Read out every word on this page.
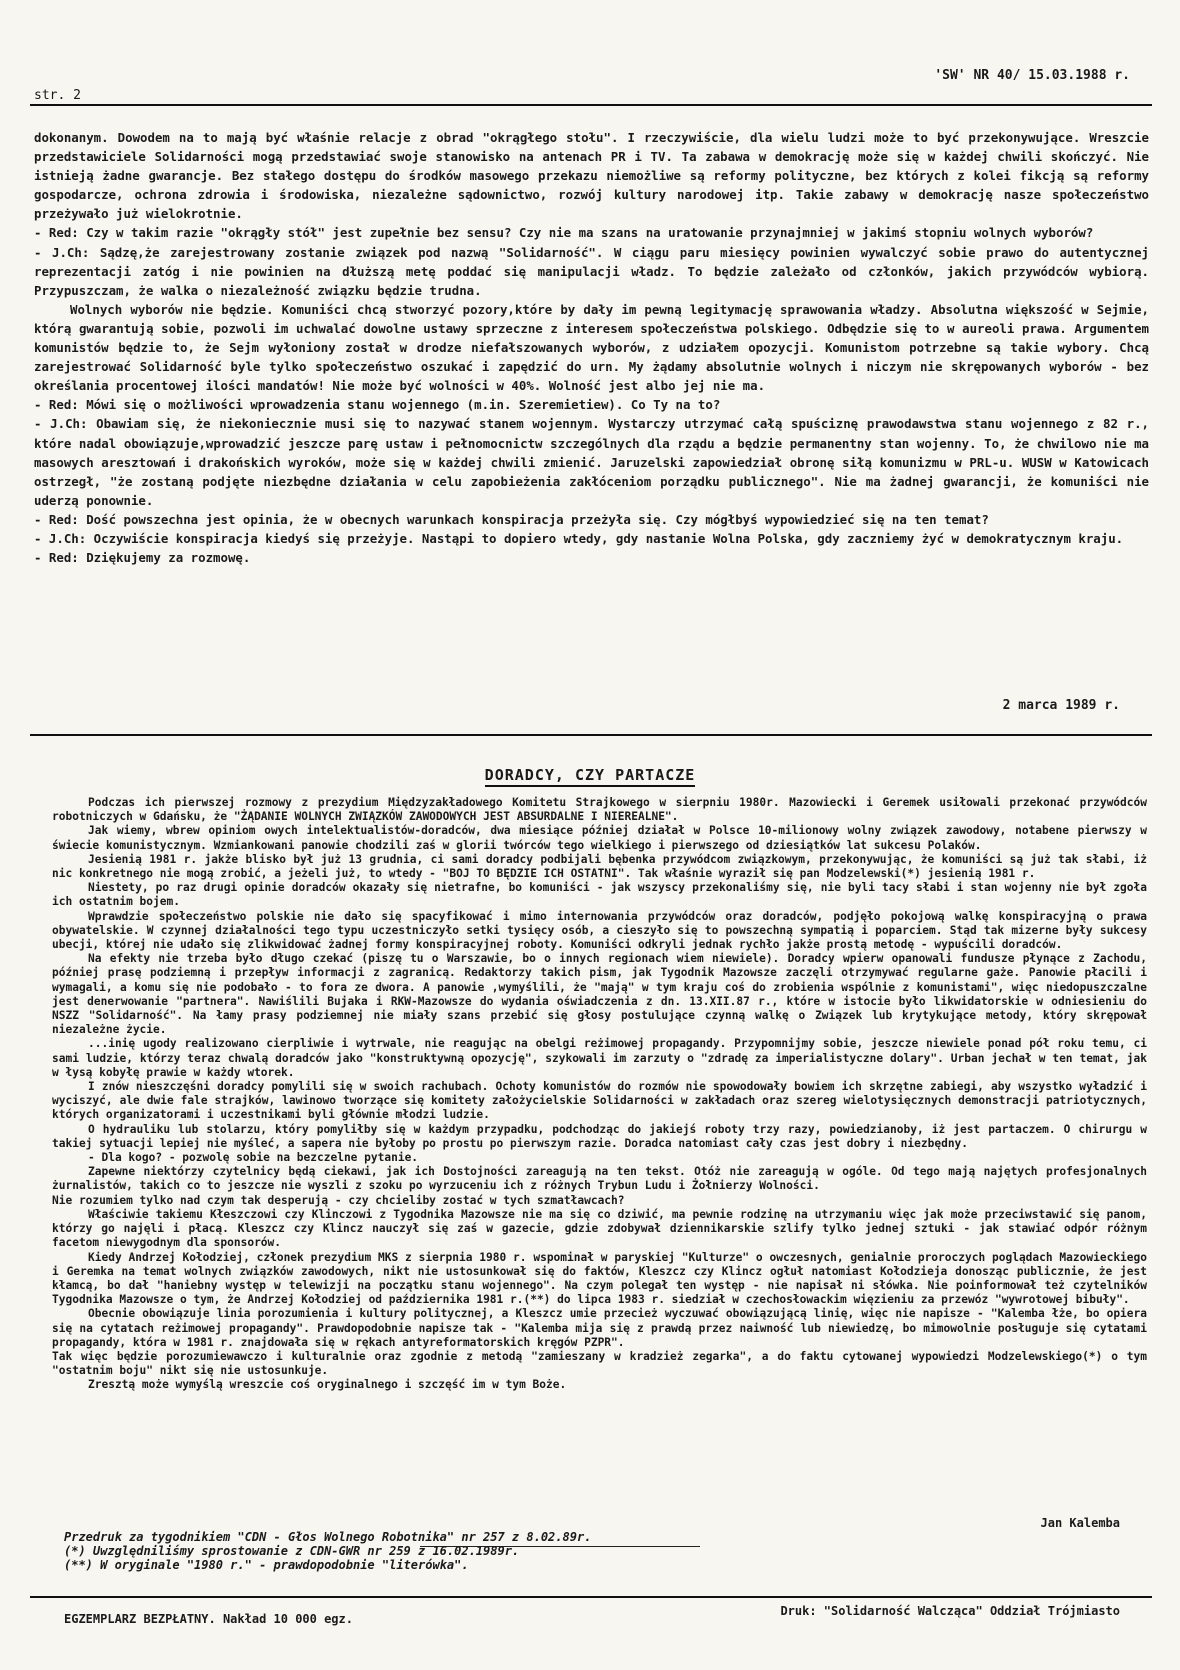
str. 2
'SW' NR 40/ 15.03.1988 r.

dokonanym. Dowodem na to mają być właśnie relacje z obrad "okrągłego stołu". I rzeczywiście, dla wielu ludzi może to być przekonywujące. Wreszcie przedstawiciele Solidarności mogą przedstawiać swoje stanowisko na antenach PR i TV. Ta zabawa w demokrację może się w każdej chwili skończyć. Nie istnieją żadne gwarancje. Bez stałego dostępu do środków masowego przekazu niemożliwe są reformy polityczne, bez których z kolei fikcją są reformy gospodarcze, ochrona zdrowia i środowiska, niezależne sądownictwo, rozwój kultury narodowej itp. Takie zabawy w demokrację nasze społeczeństwo przeżywało już wielokrotnie.

- Red: Czy w takim razie "okrągły stół" jest zupełnie bez sensu? Czy nie ma szans na uratowanie przynajmniej w jakimś stopniu wolnych wyborów?

- J.Ch: Sądzę,że zarejestrowany zostanie związek pod nazwą "Solidarność". W ciągu paru miesięcy powinien wywalczyć sobie prawo do autentycznej reprezentacji zatóg i nie powinien na dłuższą metę poddać się manipulacji władz. To będzie zależało od członków, jakich przywódców wybiorą. Przypuszczam, że walka o niezależność związku będzie trudna.

Wolnych wyborów nie będzie. Komuniści chcą stworzyć pozory,które by dały im pewną legitymację sprawowania władzy. Absolutna większość w Sejmie, którą gwarantują sobie, pozwoli im uchwalać dowolne ustawy sprzeczne z interesem społeczeństwa polskiego. Odbędzie się to w aureoli prawa. Argumentem komunistów będzie to, że Sejm wyłoniony został w drodze niefałszowanych wyborów, z udziałem opozycji. Komunistom potrzebne są takie wybory. Chcą zarejestrować Solidarność byle tylko społeczeństwo oszukać i zapędzić do urn. My żądamy absolutnie wolnych i niczym nie skrępowanych wyborów - bez określania procentowej ilości mandatów! Nie może być wolności w 40%. Wolność jest albo jej nie ma.

- Red: Mówi się o możliwości wprowadzenia stanu wojennego (m.in. Szeremietiew). Co Ty na to?

- J.Ch: Obawiam się, że niekoniecznie musi się to nazywać stanem wojennym. Wystarczy utrzymać całą spuściznę prawodawstwa stanu wojennego z 82 r., które nadal obowiązuje,wprowadzić jeszcze parę ustaw i pełnomocnictw szczególnych dla rządu a będzie permanentny stan wojenny. To, że chwilowo nie ma masowych aresztowań i drakońskich wyroków, może się w każdej chwili zmienić. Jaruzelski zapowiedział obronę siłą komunizmu w PRL-u. WUSW w Katowicach ostrzegł, "że zostaną podjęte niezbędne działania w celu zapobieżenia zakłóceniom porządku publicznego". Nie ma żadnej gwarancji, że komuniści nie uderzą ponownie.

- Red: Dość powszechna jest opinia, że w obecnych warunkach konspiracja przeżyła się. Czy mógłbyś wypowiedzieć się na ten temat?

- J.Ch: Oczywiście konspiracja kiedyś się przeżyje. Nastąpi to dopiero wtedy, gdy nastanie Wolna Polska, gdy zaczniemy żyć w demokratycznym kraju.

- Red: Dziękujemy za rozmowę.

2 marca 1989 r.
DORADCY, CZY PARTACZE

Podczas ich pierwszej rozmowy z prezydium Międzyzakładowego Komitetu Strajkowego w sierpniu 1980r. Mazowiecki i Geremek usiłowali przekonać przywódców robotniczych w Gdańsku, że "ŻĄDANIE WOLNYCH ZWIĄZKÓW ZAWODOWYCH JEST ABSURDALNE I NIEREALNE".

Jak wiemy, wbrew opiniom owych intelektualistów-doradców, dwa miesiące później działał w Polsce 10-milionowy wolny związek zawodowy, notabene pierwszy w świecie komunistycznym. Wzmiankowani panowie chodzili zaś w glorii twórców tego wielkiego i pierwszego od dziesiątków lat sukcesu Polaków.

Jesienią 1981 r. jakże blisko był już 13 grudnia, ci sami doradcy podbijali bębenka przywódcom związkowym, przekonywując, że komuniści są już tak słabi, iż nic konkretnego nie mogą zrobić, a jeżeli już, to wtedy - "BOJ TO BĘDZIE ICH OSTATNI". Tak właśnie wyraził się pan Modzelewski(*) jesienią 1981 r.

Niestety, po raz drugi opinie doradców okazały się nietrafne, bo komuniści - jak wszyscy przekonaliśmy się, nie byli tacy słabi i stan wojenny nie był zgoła ich ostatnim bojem.

Wprawdzie społeczeństwo polskie nie dało się spacyfikować i mimo internowania przywódców oraz doradców, podjęło pokojową walkę konspiracyjną o prawa obywatelskie. W czynnej działalności tego typu uczestniczyło setki tysięcy osób, a cieszyło się to powszechną sympatią i poparciem. Stąd tak mizerne były sukcesy ubecji, której nie udało się zlikwidować żadnej formy konspiracyjnej roboty. Komuniści odkryli jednak rychło jakże prostą metodę - wypuścili doradców.

Na efekty nie trzeba było długo czekać (piszę tu o Warszawie, bo o innych regionach wiem niewiele). Doradcy wpierw opanowali fundusze płynące z Zachodu, później prasę podziemną i przepływ informacji z zagranicą. Redaktorzy takich pism, jak Tygodnik Mazowsze zaczęli otrzymywać regularne gaże. Panowie płacili i wymagali, a komu się nie podobało - to fora ze dwora. A panowie ,wymyślili, że "mają" w tym kraju coś do zrobienia wspólnie z komunistami", więc niedopuszczalne jest denerwowanie "partnera". Nawiślili Bujaka i RKW-Mazowsze do wydania oświadczenia z dn. 13.XII.87 r., które w istocie było likwidatorskie w odniesieniu do NSZZ "Solidarność". Na łamy prasy podziemnej nie miały szans przebić się głosy postulujące czynną walkę o Związek lub krytykujące metody, który skrępował niezależne życie.

...inię ugody realizowano cierpliwie i wytrwale, nie reagując na obelgi reżimowej propagandy. Przypomnijmy sobie, jeszcze niewiele ponad pół roku temu, ci sami ludzie, którzy teraz chwalą doradców jako "konstruktywną opozycję", szykowali im zarzuty o "zdradę za imperialistyczne dolary". Urban jechał w ten temat, jak w łysą kobyłę prawie w każdy wtorek.

I znów nieszczęśni doradcy pomylili się w swoich rachubach. Ochoty komunistów do rozmów nie spowodowały bowiem ich skrzętne zabiegi, aby wszystko wyładzić i wyciszyć, ale dwie fale strajków, lawinowo tworzące się komitety założycielskie Solidarności w zakładach oraz szereg wielotysięcznych demonstracji patriotycznych, których organizatorami i uczestnikami byli głównie młodzi ludzie.

O hydrauliku lub stolarzu, który pomyliłby się w każdym przypadku, podchodząc do jakiejś roboty trzy razy, powiedzianoby, iż jest partaczem. O chirurgu w takiej sytuacji lepiej nie myśleć, a sapera nie byłoby po prostu po pierwszym razie. Doradca natomiast cały czas jest dobry i niezbędny.

- Dla kogo? - pozwolę sobie na bezczelne pytanie.

Zapewne niektórzy czytelnicy będą ciekawi, jak ich Dostojności zareagują na ten tekst. Otóż nie zareagują w ogóle. Od tego mają najętych profesjonalnych żurnalistów, takich co to jeszcze nie wyszli z szoku po wyrzuceniu ich z różnych Trybun Ludu i Żołnierzy Wolności.

Nie rozumiem tylko nad czym tak desperują - czy chcieliby zostać w tych szmatławcach?

Właściwie takiemu Kłeszczowi czy Klinczowi z Tygodnika Mazowsze nie ma się co dziwić, ma pewnie rodzinę na utrzymaniu więc jak może przeciwstawić się panom, którzy go najęli i płacą. Kleszcz czy Klincz nauczył się zaś w gazecie, gdzie zdobywał dziennikarskie szlify tylko jednej sztuki - jak stawiać odpór różnym facetom niewygodnym dla sponsorów.

Kiedy Andrzej Kołodziej, członek prezydium MKS z sierpnia 1980 r. wspominał w paryskiej "Kulturze" o owczesnych, genialnie proroczych poglądach Mazowieckiego i Geremka na temat wolnych związków zawodowych, nikt nie ustosunkował się do faktów, Kleszcz czy Klincz ogłuł natomiast Kołodzieja donosząc publicznie, że jest kłamcą, bo dał "haniebny występ w telewizji na początku stanu wojennego". Na czym polegał ten występ - nie napisał ni słówka. Nie poinformował też czytelników Tygodnika Mazowsze o tym, że Andrzej Kołodziej od października 1981 r.(**) do lipca 1983 r. siedział w czechosłowackim więzieniu za przewóz "wywrotowej bibuły".

Obecnie obowiązuje linia porozumienia i kultury politycznej, a Kleszcz umie przecież wyczuwać obowiązującą linię, więc nie napisze - "Kalemba łże, bo opiera się na cytatach reżimowej propagandy". Prawdopodobnie napisze tak - "Kalemba mija się z prawdą przez naiwność lub niewiedzę, bo mimowolnie posługuje się cytatami propagandy, która w 1981 r. znajdowała się w rękach antyreformatorskich kręgów PZPR".

Tak więc będzie porozumiewawczo i kulturalnie oraz zgodnie z metodą "zamieszany w kradzież zegarka", a do faktu cytowanej wypowiedzi Modzelewskiego(*) o tym "ostatnim boju" nikt się nie ustosunkuje.

Zresztą może wymyślą wreszcie coś oryginalnego i szczęść im w tym Boże.

Jan Kalemba
Przedruk za tygodnikiem "CDN - Głos Wolnego Robotnika" nr 257 z 8.02.89r.
(*) Uwzględniliśmy sprostowanie z CDN-GWR nr 259 z 16.02.1989r.
(**) W oryginale "1980 r." - prawdopodobnie "literówka".
EGZEMPLARZ BEZPŁATNY. Nakład 10 000 egz.
Druk: "Solidarność Walcząca" Oddział Trójmiasto
